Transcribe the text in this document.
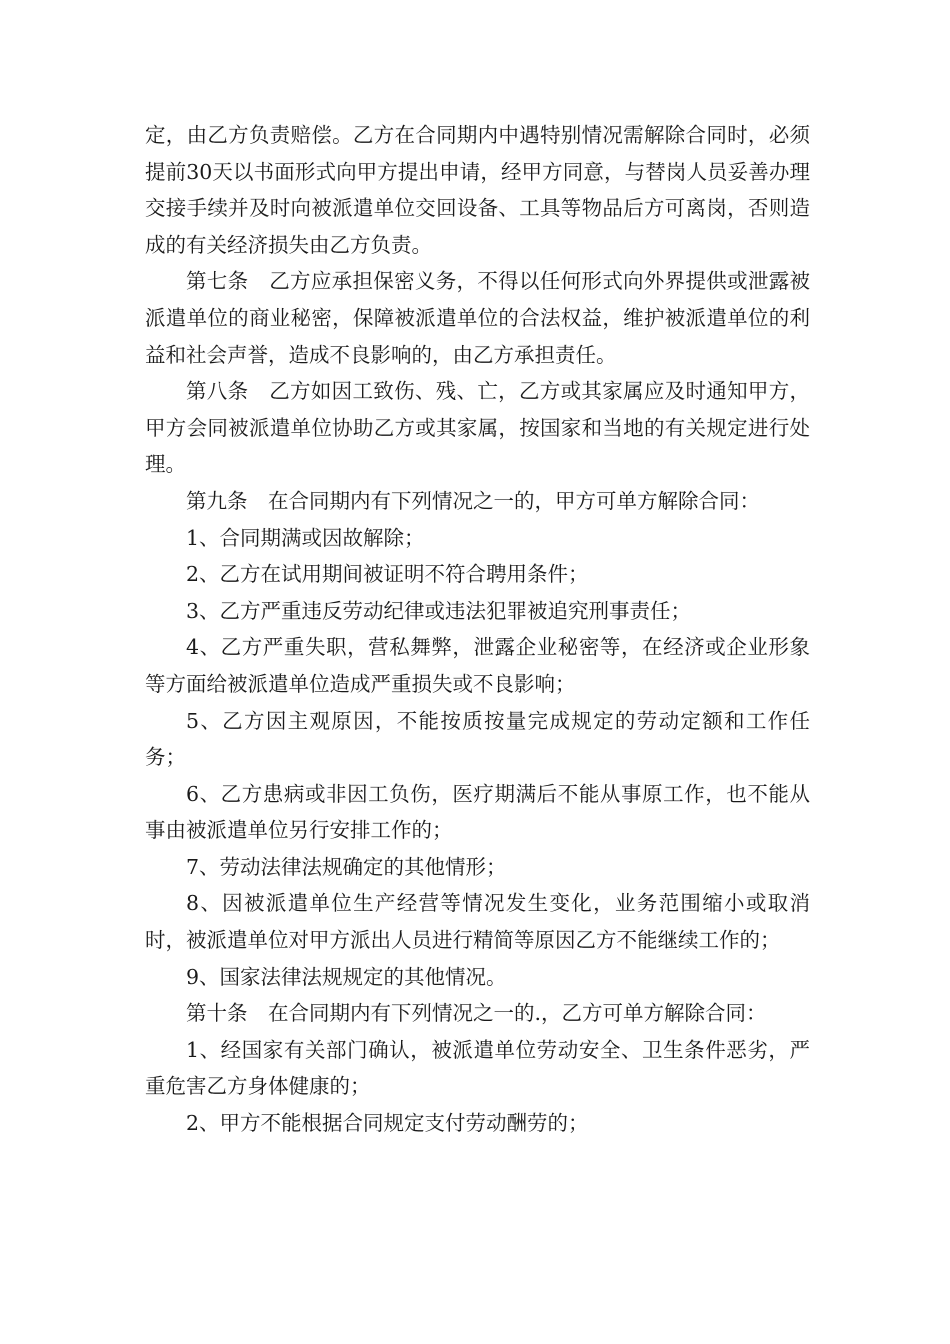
定，由乙方负责赔偿。乙方在合同期内中遇特别情况需解除合同时，必须提前30天以书面形式向甲方提出申请，经甲方同意，与替岗人员妥善办理交接手续并及时向被派遣单位交回设备、工具等物品后方可离岗，否则造成的有关经济损失由乙方负责。

第七条 乙方应承担保密义务，不得以任何形式向外界提供或泄露被派遣单位的商业秘密，保障被派遣单位的合法权益，维护被派遣单位的利益和社会声誉，造成不良影响的，由乙方承担责任。

第八条 乙方如因工致伤、残、亡，乙方或其家属应及时通知甲方，甲方会同被派遣单位协助乙方或其家属，按国家和当地的有关规定进行处理。

第九条 在合同期内有下列情况之一的，甲方可单方解除合同：

1、合同期满或因故解除；

2、乙方在试用期间被证明不符合聘用条件；

3、乙方严重违反劳动纪律或违法犯罪被追究刑事责任；

4、乙方严重失职，营私舞弊，泄露企业秘密等，在经济或企业形象等方面给被派遣单位造成严重损失或不良影响；

5、乙方因主观原因，不能按质按量完成规定的劳动定额和工作任务；

6、乙方患病或非因工负伤，医疗期满后不能从事原工作，也不能从事由被派遣单位另行安排工作的；

7、劳动法律法规确定的其他情形；

8、因被派遣单位生产经营等情况发生变化，业务范围缩小或取消时，被派遣单位对甲方派出人员进行精简等原因乙方不能继续工作的；

9、国家法律法规规定的其他情况。

第十条 在合同期内有下列情况之一的.，乙方可单方解除合同：

1、经国家有关部门确认，被派遣单位劳动安全、卫生条件恶劣，严重危害乙方身体健康的；

2、甲方不能根据合同规定支付劳动酬劳的；
